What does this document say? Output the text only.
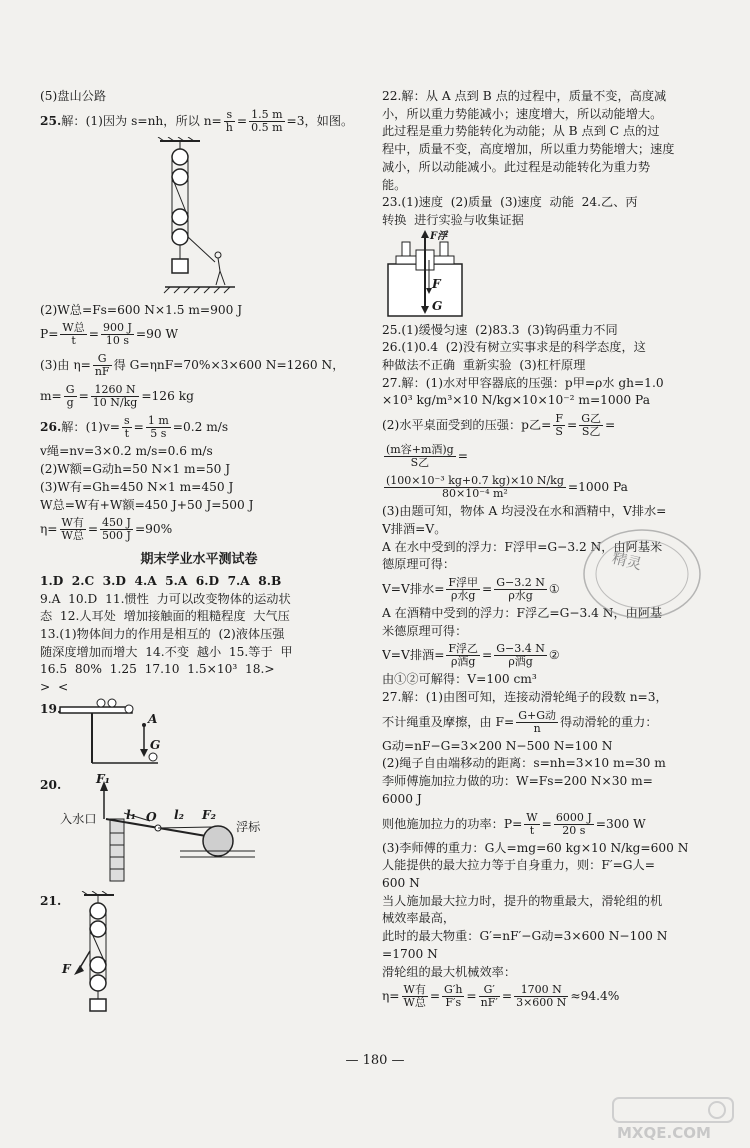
(5)盘山公路
25.解：(1)因为 s=nh，所以 $n= \frac{s}{h} = \frac{1.5 m}{0.5 m} =3$，如图。
(2)W总=Fs=600 N×1.5 m=900 J
$P= \frac{\text{W总}}{t} = \frac{900 J}{10 s} =90$ W
(3)由 $\eta= \frac{G}{nF}$ 得 G=ηnF=70%×3×600 N=1260 N，
$m= \frac{G}{g} = \frac{1260 N}{10 N/kg} =126$ kg
26.解：$(1)v= \frac{s}{t} = \frac{1 m}{5 s} =0.2$ m/s
v绳=nv=3×0.2 m/s=0.6 m/s
(2)W额=G动h=50 N×1 m=50 J
(3)W有=Gh=450 N×1 m=450 J
W总=W有+W额=450 J+50 J=500 J
$\eta= \frac{\text{W有}}{\text{W总}} = \frac{450 J}{500 J} =90\%$
期末学业水平测试卷
1.D  2.C  3.D  4.A  5.A  6.D  7.A  8.B
9.A  10.D  11.惯性  力可以改变物体的运动状
态  12.人耳处  增加接触面的粗糙程度  大气压
13.(1)物体间力的作用是相互的  (2)液体压强
随深度增加而增大  14.不变  越小  15.等于  甲
16.5  80%  1.25  17.10  1.5×10³  18.>
>  <
19.
A
G
20.
入水口
浮标
F₁
F₂
l₁	l₂
O
21.
F
22.解：从 A 点到 B 点的过程中，质量不变，高度减
小，所以重力势能减小；速度增大，所以动能增大。
此过程是重力势能转化为动能；从 B 点到 C 点的过
程中，质量不变，高度增加，所以重力势能增大；速度
减小，所以动能减小。此过程是动能转化为重力势
能。
23.(1)速度  (2)质量  (3)速度  动能  24.乙、丙
转换  进行实验与收集证据
F浮
F
G
25.(1)缓慢匀速  (2)83.3  (3)钩码重力不同
26.(1)0.4  (2)没有树立实事求是的科学态度，这
种做法不正确  重新实验  (3)杠杆原理
27.解：(1)水对甲容器底的压强：p甲=ρ水 gh=1.0
×10³ kg/m³×10 N/kg×10×10⁻² m=1000 Pa
(2)水平桌面受到的压强：p乙= $\frac{F}{S} = \frac{\text{G乙}}{\text{S乙}}$ =
$\frac{\text{(m容+m酒)g}}{\text{S乙}}$ =
$\frac{\text{(100×10⁻³ kg+0.7 kg)×10 N/kg}}{\text{80×10⁻⁴ m²}} =1000$ Pa
(3)由题可知，物体 A 均浸没在水和酒精中，V排水=
V排酒=V。
A 在水中受到的浮力：F浮甲=G−3.2 N，由阿基米
德原理可得：
V=V排水= $\frac{\text{F浮甲}}{\text{ρ水g}} = \frac{G-3.2 N}{\text{ρ水g}}$ ①
A 在酒精中受到的浮力：F浮乙=G−3.4 N，由阿基
米德原理可得：
V=V排酒= $\frac{\text{F浮乙}}{\text{ρ酒g}} = \frac{G-3.4 N}{\text{ρ酒g}}$ ②
由①②可解得：V=100 cm³
27.解：(1)由图可知，连接动滑轮绳子的段数 n=3，
不计绳重及摩擦，由 $F= \frac{\text{G+G动}}{n}$ 得动滑轮的重力：
G动=nF−G=3×200 N−500 N=100 N
(2)绳子自由端移动的距离：s=nh=3×10 m=30 m
李师傅施加拉力做的功：W=Fs=200 N×30 m=
6000 J
则他施加拉力的功率：$P= \frac{W}{t} = \frac{6000 J}{20 s} =300$ W
(3)李师傅的重力：G人=mg=60 kg×10 N/kg=600 N
人能提供的最大拉力等于自身重力，则：F′=G人=
600 N
当人施加最大拉力时，提升的物重最大，滑轮组的机
械效率最高，
此时的最大物重：G′=nF′−G动=3×600 N−100 N
=1700 N
滑轮组的最大机械效率：
$\eta= \frac{\text{W有}}{\text{W总}} = \frac{G'h}{F's} = \frac{G'}{nF'} = \frac{1700 N}{3\times 600 N} \approx 94.4\%$
精灵
— 180 —
MXQE.COM
